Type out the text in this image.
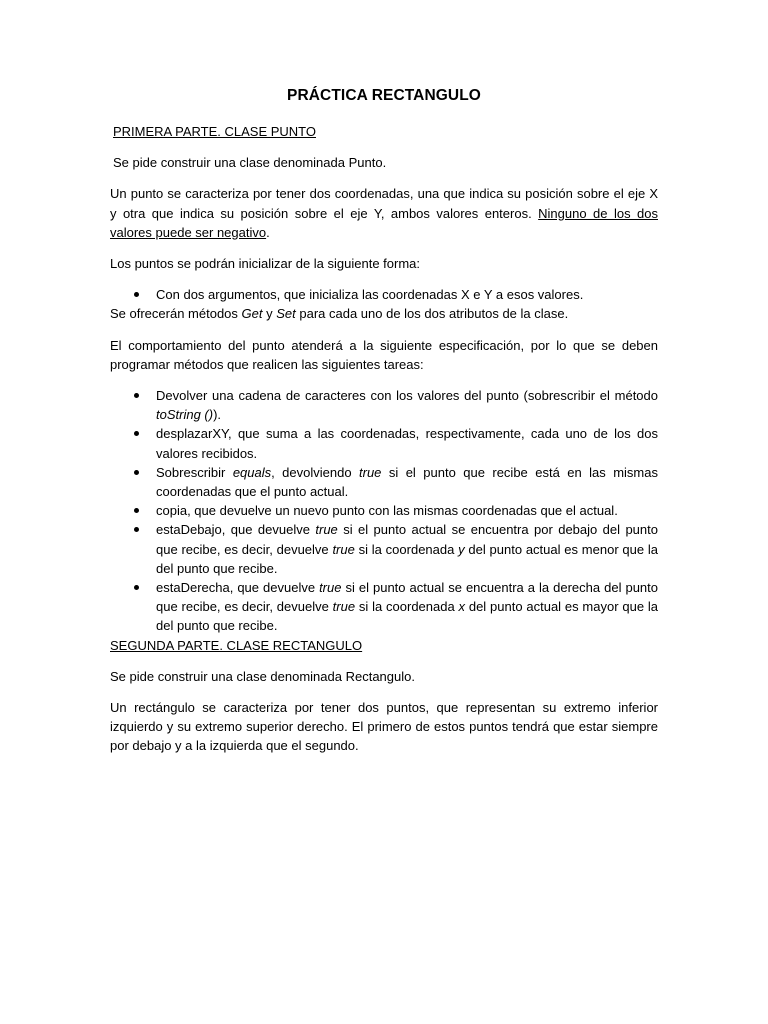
PRÁCTICA RECTANGULO

PRIMERA PARTE. CLASE PUNTO

Se pide construir una clase denominada Punto.

Un punto se caracteriza por tener dos coordenadas, una que indica su posición sobre el eje X y otra que indica su posición sobre el eje Y, ambos valores enteros. Ninguno de los dos valores puede ser negativo.

Los puntos se podrán inicializar de la siguiente forma:

Con dos argumentos, que inicializa las coordenadas X e Y a esos valores.

Se ofrecerán métodos Get y Set para cada uno de los dos atributos de la clase.

El comportamiento del punto atenderá a la siguiente especificación, por lo que se deben programar métodos que realicen las siguientes tareas:

Devolver una cadena de caracteres con los valores del punto (sobrescribir el método toString ()).
desplazarXY, que suma a las coordenadas, respectivamente, cada uno de los dos valores recibidos.
Sobrescribir equals, devolviendo true si el punto que recibe está en las mismas coordenadas que el punto actual.
copia, que devuelve un nuevo punto con las mismas coordenadas que el actual.
estaDebajo, que devuelve true si el punto actual se encuentra por debajo del punto que recibe, es decir, devuelve true si la coordenada y del punto actual es menor que la del punto que recibe.
estaDerecha, que devuelve true si el punto actual se encuentra a la derecha del punto que recibe, es decir, devuelve true si la coordenada x del punto actual es mayor que la del punto que recibe.

SEGUNDA PARTE. CLASE RECTANGULO

Se pide construir una clase denominada Rectangulo.

Un rectángulo se caracteriza por tener dos puntos, que representan su extremo inferior izquierdo y su extremo superior derecho. El primero de estos puntos tendrá que estar siempre por debajo y a la izquierda que el segundo.
